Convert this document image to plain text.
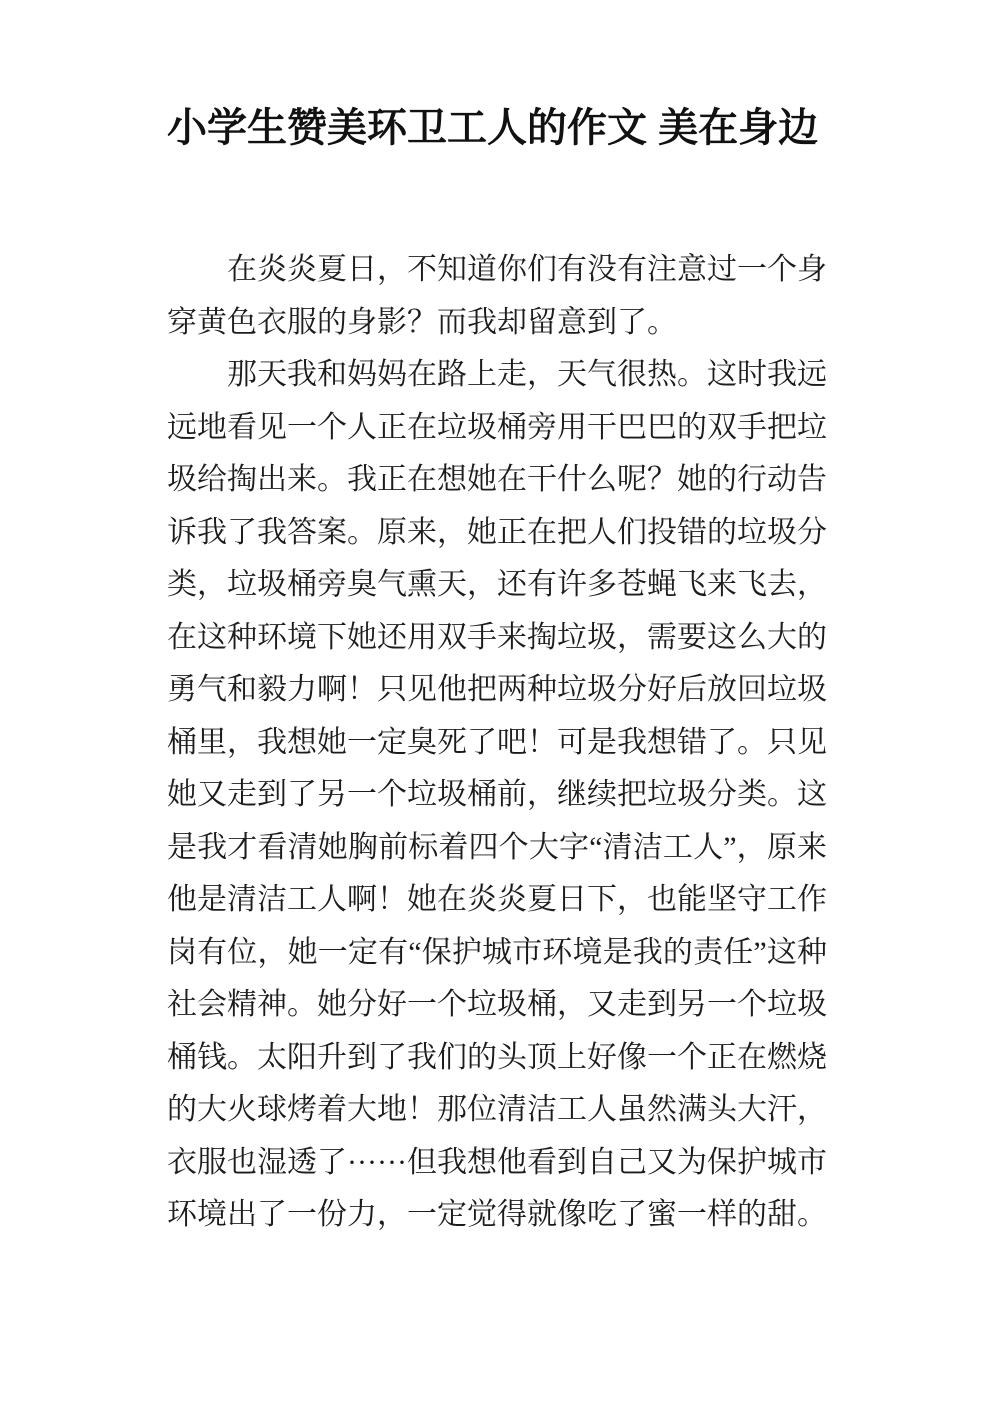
小学生赞美环卫工人的作文 美在身边

在炎炎夏日，不知道你们有没有注意过一个身穿黄色衣服的身影？而我却留意到了。

那天我和妈妈在路上走，天气很热。这时我远远地看见一个人正在垃圾桶旁用干巴巴的双手把垃圾给掏出来。我正在想她在干什么呢？她的行动告诉我了我答案。原来，她正在把人们投错的垃圾分类，垃圾桶旁臭气熏天，还有许多苍蝇飞来飞去，在这种环境下她还用双手来掏垃圾，需要这么大的勇气和毅力啊！只见他把两种垃圾分好后放回垃圾桶里，我想她一定臭死了吧！可是我想错了。只见她又走到了另一个垃圾桶前，继续把垃圾分类。这是我才看清她胸前标着四个大字“清洁工人”，原来他是清洁工人啊！她在炎炎夏日下，也能坚守工作岗有位，她一定有“保护城市环境是我的责任”这种社会精神。她分好一个垃圾桶，又走到另一个垃圾桶钱。太阳升到了我们的头顶上好像一个正在燃烧的大火球烤着大地！那位清洁工人虽然满头大汗，衣服也湿透了······但我想他看到自己又为保护城市环境出了一份力，一定觉得就像吃了蜜一样的甜。
